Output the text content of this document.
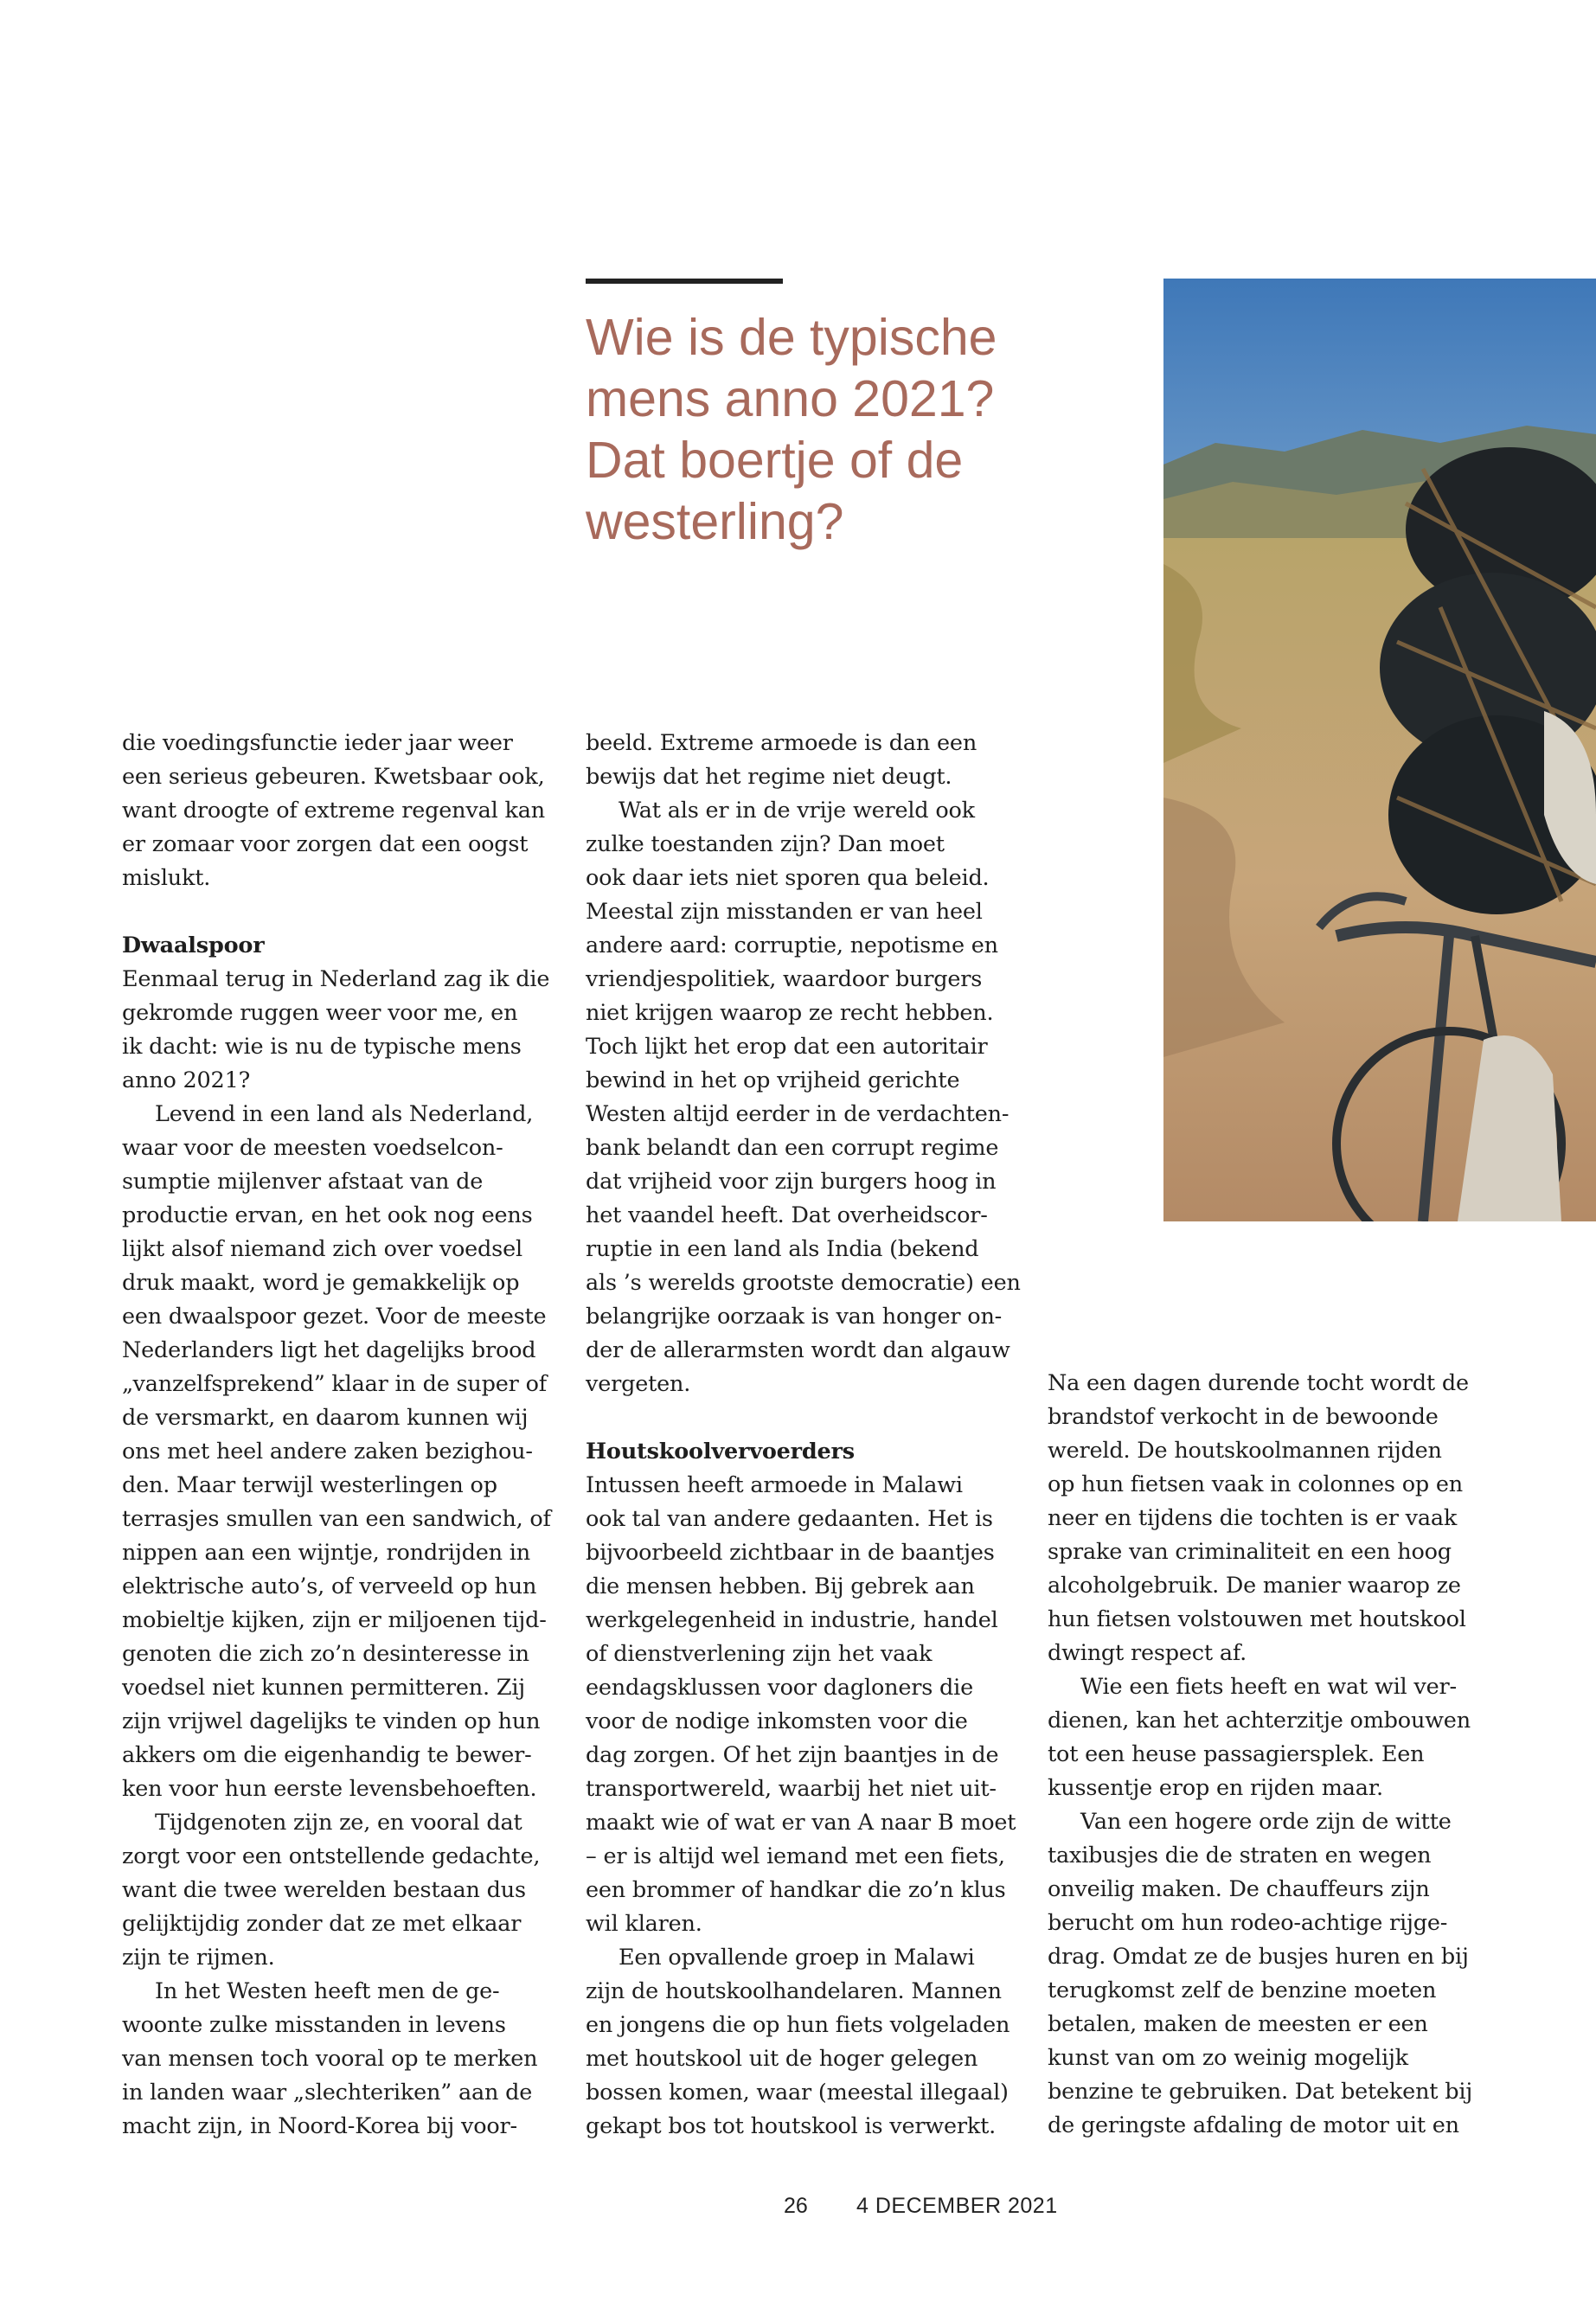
Wie is de typische
mens anno 2021?
Dat boertje of de
westerling?

die voedingsfunctie ieder jaar weer

een serieus gebeuren. Kwetsbaar ook,

want droogte of extreme regenval kan

er zomaar voor zorgen dat een oogst

mislukt.

Dwaalspoor

Eenmaal terug in Nederland zag ik die

gekromde ruggen weer voor me, en

ik dacht: wie is nu de typische mens

anno 2021?

Levend in een land als Nederland,

waar voor de meesten voedselcon-

sumptie mijlenver afstaat van de

productie ervan, en het ook nog eens

lijkt alsof niemand zich over voedsel

druk maakt, word je gemakkelijk op

een dwaalspoor gezet. Voor de meeste

Nederlanders ligt het dagelijks brood

„vanzelfsprekend” klaar in de super of

de versmarkt, en daarom kunnen wij

ons met heel andere zaken bezighou-

den. Maar terwijl westerlingen op

terrasjes smullen van een sandwich, of

nippen aan een wijntje, rondrijden in

elektrische auto’s, of verveeld op hun

mobieltje kijken, zijn er miljoenen tijd-

genoten die zich zo’n desinteresse in

voedsel niet kunnen permitteren. Zij

zijn vrijwel dagelijks te vinden op hun

akkers om die eigenhandig te bewer-

ken voor hun eerste levensbehoeften.

Tijdgenoten zijn ze, en vooral dat

zorgt voor een ontstellende gedachte,

want die twee werelden bestaan dus

gelijktijdig zonder dat ze met elkaar

zijn te rijmen.

In het Westen heeft men de ge-

woonte zulke misstanden in levens

van mensen toch vooral op te merken

in landen waar „slechteriken” aan de

macht zijn, in Noord-Korea bij voor-

beeld. Extreme armoede is dan een

bewijs dat het regime niet deugt.

Wat als er in de vrije wereld ook

zulke toestanden zijn? Dan moet

ook daar iets niet sporen qua beleid.

Meestal zijn misstanden er van heel

andere aard: corruptie, nepotisme en

vriendjespolitiek, waardoor burgers

niet krijgen waarop ze recht hebben.

Toch lijkt het erop dat een autoritair

bewind in het op vrijheid gerichte

Westen altijd eerder in de verdachten-

bank belandt dan een corrupt regime

dat vrijheid voor zijn burgers hoog in

het vaandel heeft. Dat overheidscor-

ruptie in een land als India (bekend

als ’s werelds grootste democratie) een

belangrijke oorzaak is van honger on-

der de allerarmsten wordt dan algauw

vergeten.

Houtskoolvervoerders

Intussen heeft armoede in Malawi

ook tal van andere gedaanten. Het is

bijvoorbeeld zichtbaar in de baantjes

die mensen hebben. Bij gebrek aan

werkgelegenheid in industrie, handel

of dienstverlening zijn het vaak

eendagsklussen voor dagloners die

voor de nodige inkomsten voor die

dag zorgen. Of het zijn baantjes in de

transportwereld, waarbij het niet uit-

maakt wie of wat er van A naar B moet

– er is altijd wel iemand met een fiets,

een brommer of handkar die zo’n klus

wil klaren.

Een opvallende groep in Malawi

zijn de houtskoolhandelaren. Mannen

en jongens die op hun fiets volgeladen

met houtskool uit de hoger gelegen

bossen komen, waar (meestal illegaal)

gekapt bos tot houtskool is verwerkt.

Na een dagen durende tocht wordt de

brandstof verkocht in de bewoonde

wereld. De houtskoolmannen rijden

op hun fietsen vaak in colonnes op en

neer en tijdens die tochten is er vaak

sprake van criminaliteit en een hoog

alcoholgebruik. De manier waarop ze

hun fietsen volstouwen met houtskool

dwingt respect af.

Wie een fiets heeft en wat wil ver-

dienen, kan het achterzitje ombouwen

tot een heuse passagiersplek. Een

kussentje erop en rijden maar.

Van een hogere orde zijn de witte

taxibusjes die de straten en wegen

onveilig maken. De chauffeurs zijn

berucht om hun rodeo-achtige rijge-

drag. Omdat ze de busjes huren en bij

terugkomst zelf de benzine moeten

betalen, maken de meesten er een

kunst van om zo weinig mogelijk

benzine te gebruiken. Dat betekent bij

de geringste afdaling de motor uit en

26 4 DECEMBER 2021
